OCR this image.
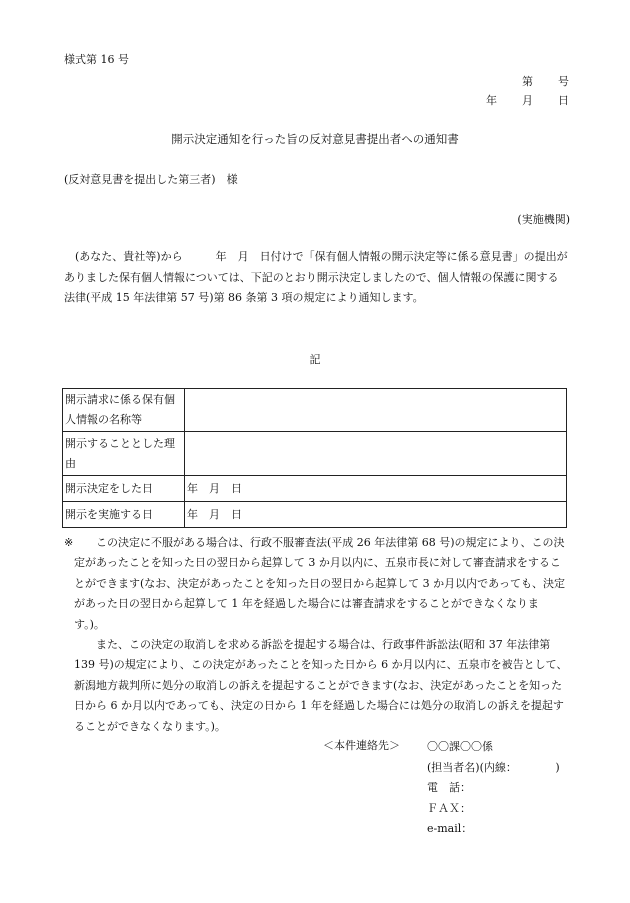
様式第 16 号
第　　号
年　　月　　日
開示決定通知を行った旨の反対意見書提出者への通知書
(反対意見書を提出した第三者)　様
(実施機関)
(あなた、貴社等)から　　　年　月　日付けで「保有個人情報の開示決定等に係る意見書」の提出がありました保有個人情報については、下記のとおり開示決定しましたので、個人情報の保護に関する法律(平成 15 年法律第 57 号)第 86 条第 3 項の規定により通知します。
記
開示請求に係る保有個人情報の名称等	
開示することとした理由	
開示決定をした日	年　月　日
開示を実施する日	年　月　日
※	この決定に不服がある場合は、行政不服審査法(平成 26 年法律第 68 号)の規定により、この決定があったことを知った日の翌日から起算して 3 か月以内に、五泉市長に対して審査請求をすることができます(なお、決定があったことを知った日の翌日から起算して 3 か月以内であっても、決定があった日の翌日から起算して 1 年を経過した場合には審査請求をすることができなくなります。)。

また、この決定の取消しを求める訴訟を提起する場合は、行政事件訴訟法(昭和 37 年法律第 139 号)の規定により、この決定があったことを知った日から 6 か月以内に、五泉市を被告として、新潟地方裁判所に処分の取消しの訴えを提起することができます(なお、決定があったことを知った日から 6 か月以内であっても、決定の日から 1 年を経過した場合には処分の取消しの訴えを提起することができなくなります。)。

＜本件連絡先＞ 〇〇課〇〇係
(担当者名)(内線：　　　　)
電　話：
ＦＡＸ：
e-mail：
